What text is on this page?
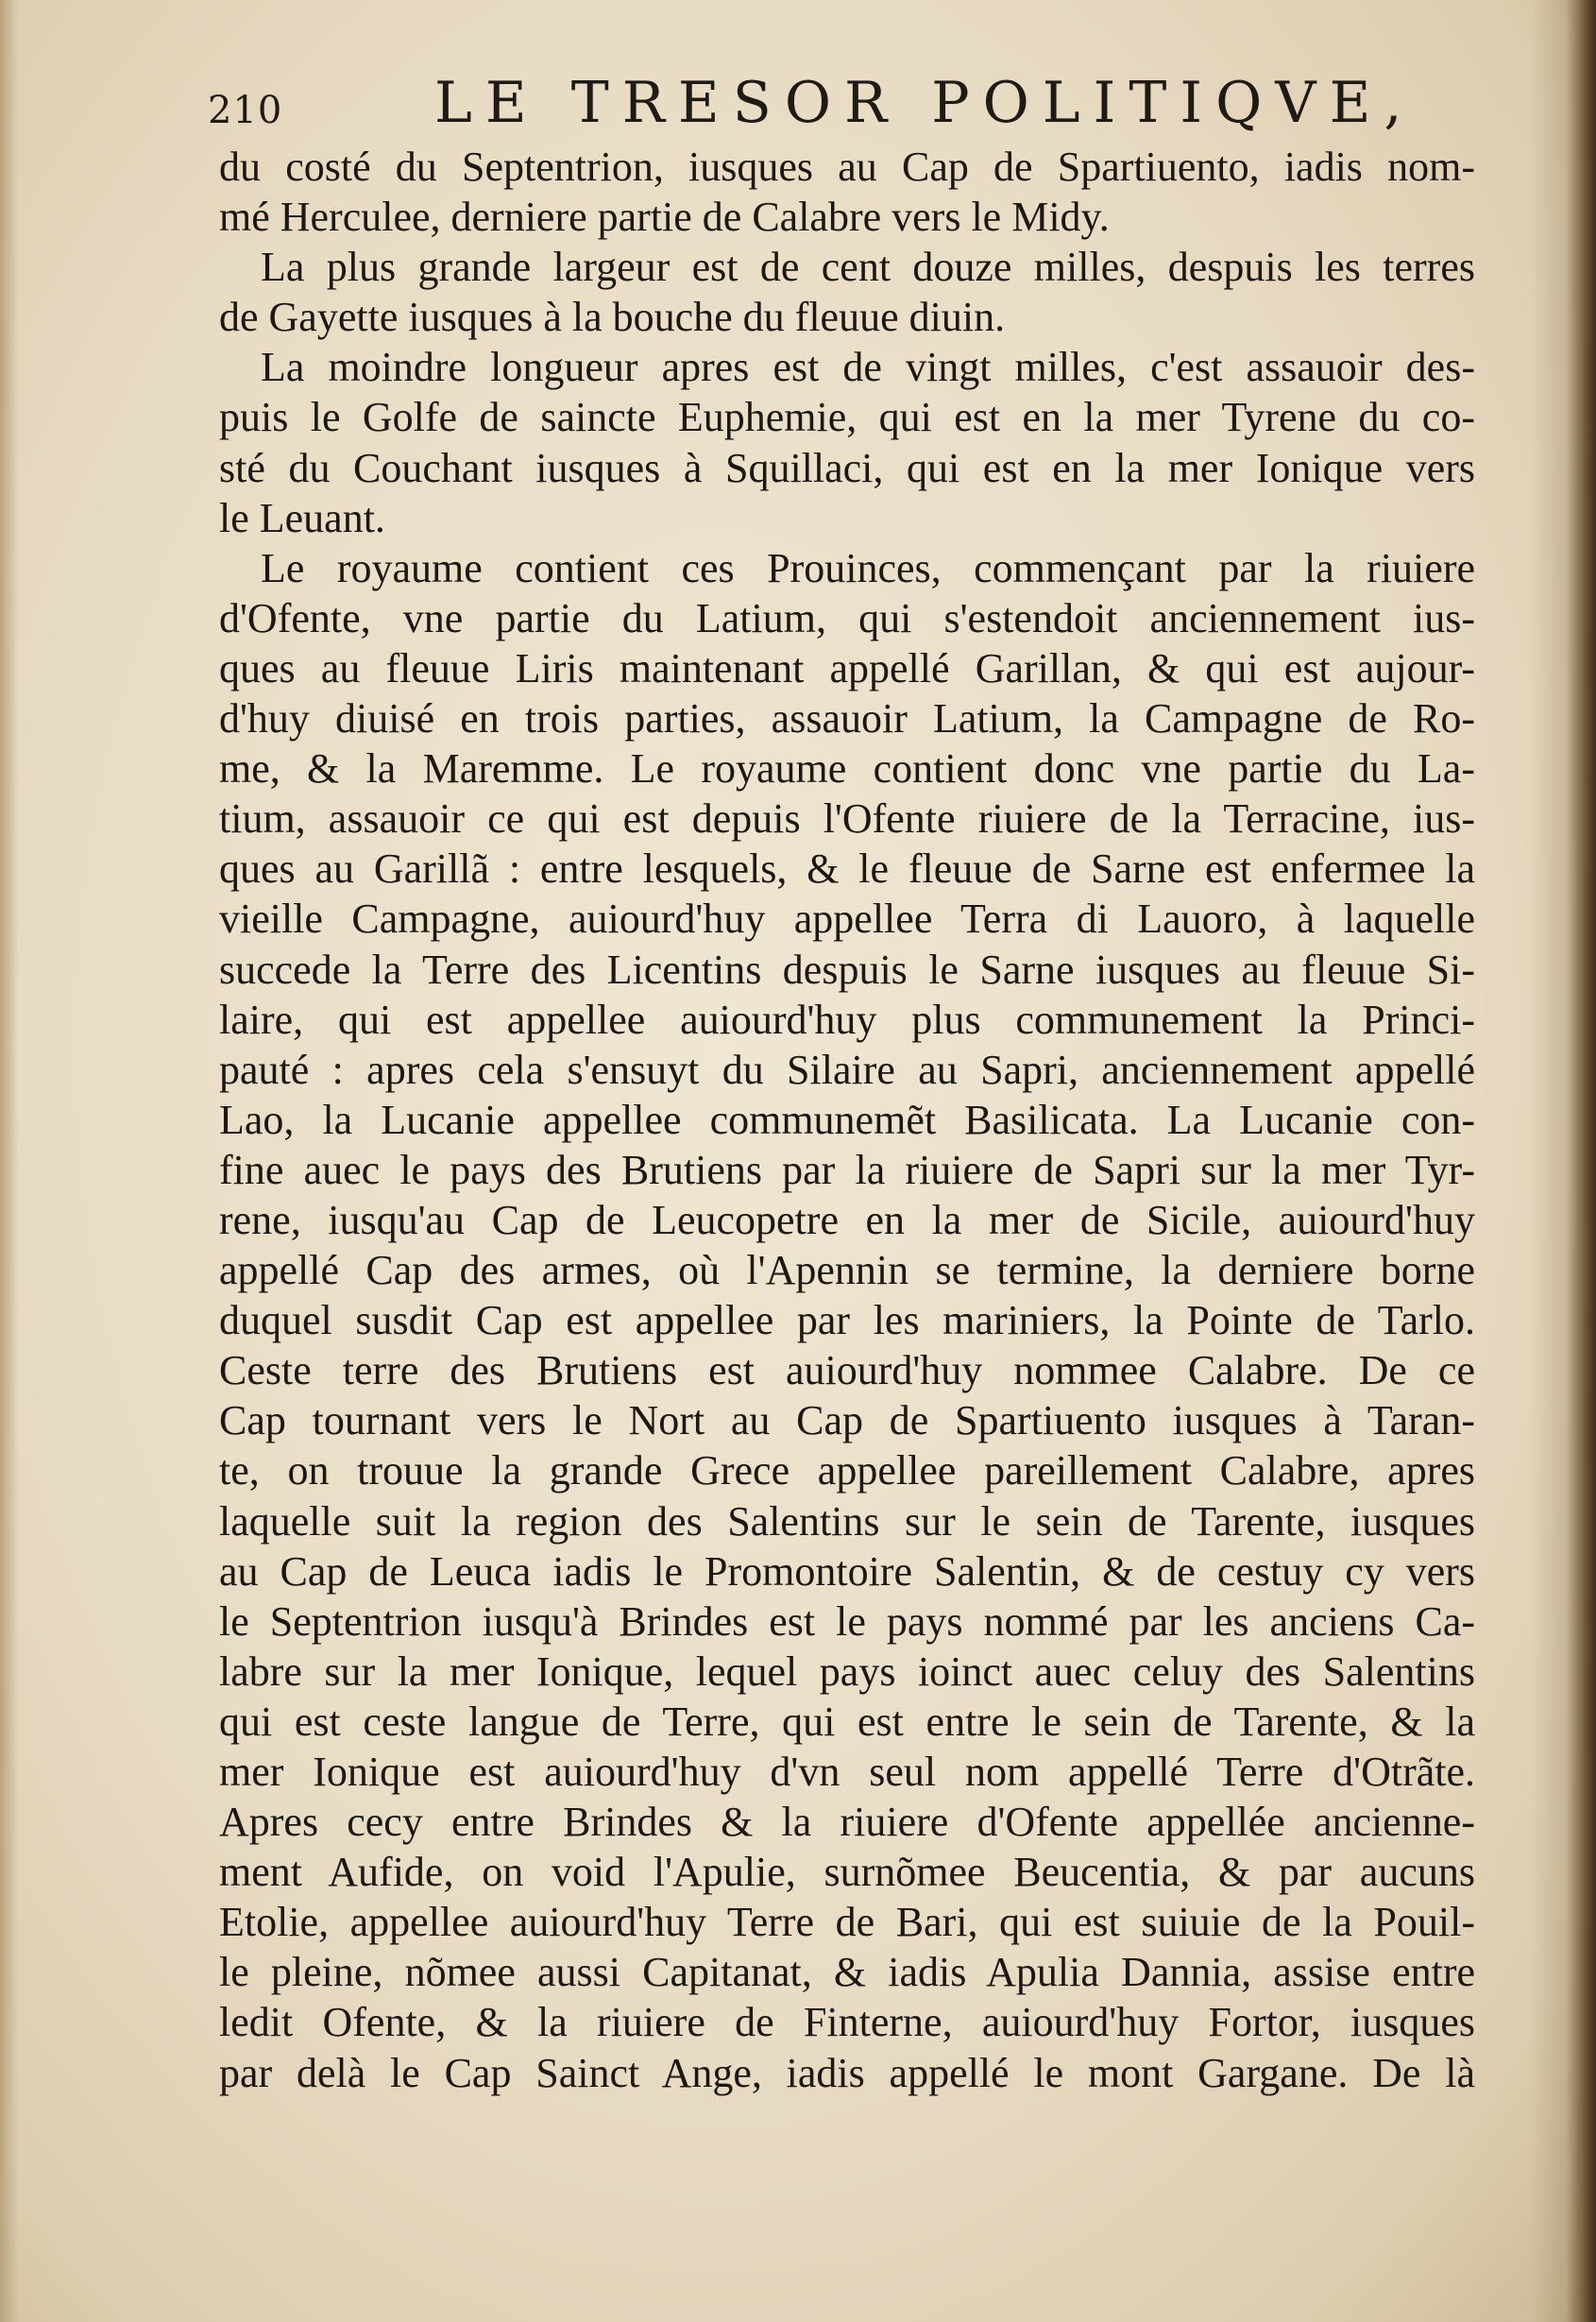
210	LE TRESOR POLITIQVE,
du costé du Septentrion, iusques au Cap de Spartiuento, iadis nom-
mé Herculee, derniere partie de Calabre vers le Midy.
La plus grande largeur est de cent douze milles, despuis les terres
de Gayette iusques à la bouche du fleuue diuin.
La moindre longueur apres est de vingt milles, c'est assauoir des-
puis le Golfe de saincte Euphemie, qui est en la mer Tyrene du co-
sté du Couchant iusques à Squillaci, qui est en la mer Ionique vers
le Leuant.
Le royaume contient ces Prouinces, commençant par la riuiere
d'Ofente, vne partie du Latium, qui s'estendoit anciennement ius-
ques au fleuue Liris maintenant appellé Garillan, & qui est aujour-
d'huy diuisé en trois parties, assauoir Latium, la Campagne de Ro-
me, & la Maremme. Le royaume contient donc vne partie du La-
tium, assauoir ce qui est depuis l'Ofente riuiere de la Terracine, ius-
ques au Garillã : entre lesquels, & le fleuue de Sarne est enfermee la
vieille Campagne, auiourd'huy appellee Terra di Lauoro, à laquelle
succede la Terre des Licentins despuis le Sarne iusques au fleuue Si-
laire, qui est appellee auiourd'huy plus communement la Princi-
pauté : apres cela s'ensuyt du Silaire au Sapri, anciennement appellé
Lao, la Lucanie appellee communemẽt Basilicata. La Lucanie con-
fine auec le pays des Brutiens par la riuiere de Sapri sur la mer Tyr-
rene, iusqu'au Cap de Leucopetre en la mer de Sicile, auiourd'huy
appellé Cap des armes, où l'Apennin se termine, la derniere borne
duquel susdit Cap est appellee par les mariniers, la Pointe de Tarlo.
Ceste terre des Brutiens est auiourd'huy nommee Calabre. De ce
Cap tournant vers le Nort au Cap de Spartiuento iusques à Taran-
te, on trouue la grande Grece appellee pareillement Calabre, apres
laquelle suit la region des Salentins sur le sein de Tarente, iusques
au Cap de Leuca iadis le Promontoire Salentin, & de cestuy cy vers
le Septentrion iusqu'à Brindes est le pays nommé par les anciens Ca-
labre sur la mer Ionique, lequel pays ioinct auec celuy des Salentins
qui est ceste langue de Terre, qui est entre le sein de Tarente, & la
mer Ionique est auiourd'huy d'vn seul nom appellé Terre d'Otrãte.
Apres cecy entre Brindes & la riuiere d'Ofente appellée ancienne-
ment Aufide, on void l'Apulie, surnõmee Beucentia, & par aucuns
Etolie, appellee auiourd'huy Terre de Bari, qui est suiuie de la Pouil-
le pleine, nõmee aussi Capitanat, & iadis Apulia Dannia, assise entre
ledit Ofente, & la riuiere de Finterne, auiourd'huy Fortor, iusques
par delà le Cap Sainct Ange, iadis appellé le mont Gargane. De là
